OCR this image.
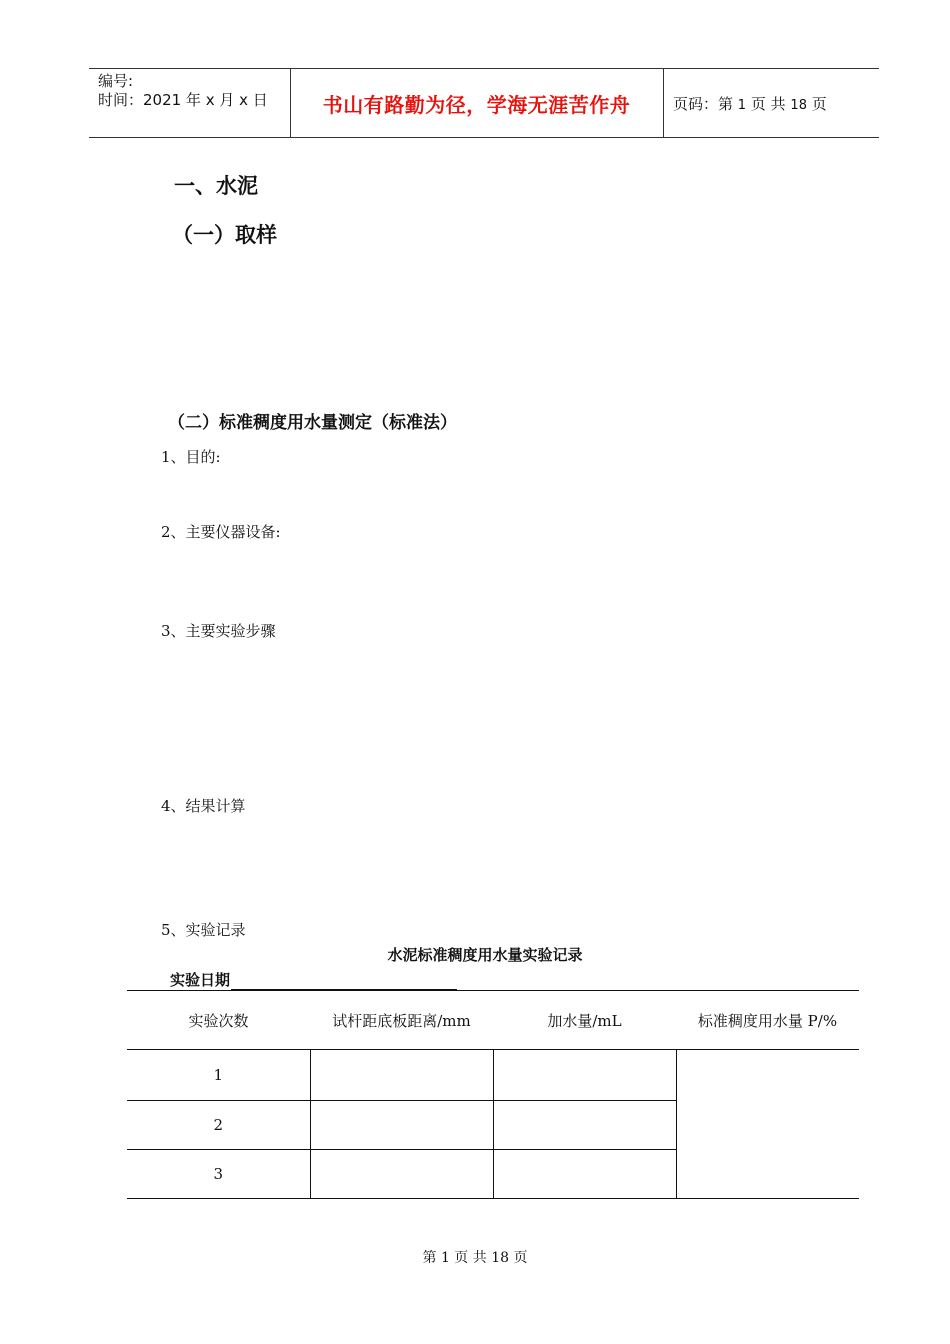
编号:
时间：2021 年 x 月 x 日	书山有路勤为径，学海无涯苦作舟	页码：第 1 页 共 18 页
一、水泥
（一）取样
（二）标准稠度用水量测定（标准法）
1、目的:
2、主要仪器设备:
3、主要实验步骤
4、结果计算
5、实验记录
水泥标准稠度用水量实验记录
实验日期
实验次数	试杆距底板距离/mm	加水量/mL	标准稠度用水量 P/%
1			
2			
3			
第 1 页 共 18 页
